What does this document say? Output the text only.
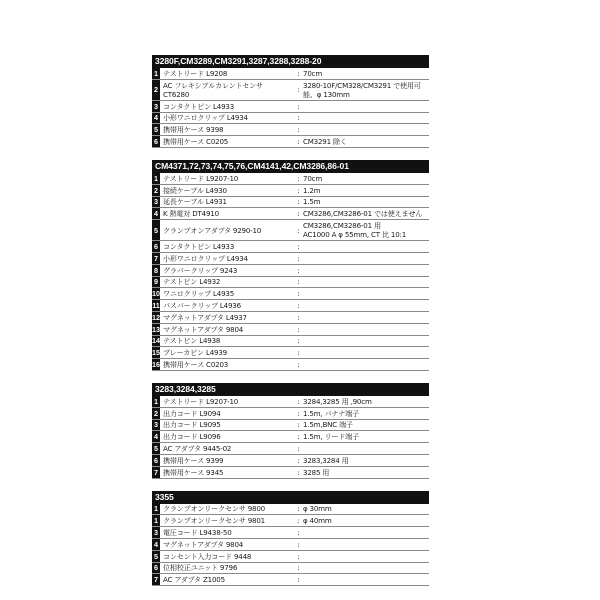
3280F,CM3289,CM3291,3287,3288,3288-20
1 テストリード L9208	: 70cm
2 AC フレキシブルカレントセンサ
CT6280	: 3280-10F/CM328/CM3291 で使用可
能、φ 130mm
3 コンタクトピン L4933	:
4 小形ワニロクリップ L4934	:
5 携帯用ケース 9398	:
6 携帯用ケース C0205	: CM3291 除く
CM4371,72,73,74,75,76,CM4141,42,CM3286,86-01
1 テストリード L9207-10	: 70cm
2 接続ケーブル L4930	: 1.2m
3 延長ケーブル L4931	: 1.5m
4 K 熱電対 DT4910	: CM3286,CM3286-01 では使えません
5 クランプオンアダプタ 9290-10	: CM3286,CM3286-01 用
AC1000 A φ 55mm, CT 比 10:1
6 コンタクトピン L4933	:
7 小形ワニロクリップ L4934	:
8 グラバークリップ 9243	:
9 テストピン L4932	:
10 ワニロクリップ L4935	:
11 バスバークリップ L4936	:
12 マグネットアダプタ L4937	:
13 マグネットアダプタ 9804	:
14 テストピン L4938	:
15 ブレーカピン L4939	:
16 携帯用ケース C0203	:
3283,3284,3285
1 テストリード L9207-10	: 3284,3285 用 ,90cm
2 出力コード L9094	: 1.5m, バナナ端子
3 出力コード L9095	: 1.5m,BNC 端子
4 出力コード L9096	: 1.5m, リード端子
5 AC アダプタ 9445-02	:
6 携帯用ケース 9399	: 3283,3284 用
7 携帯用ケース 9345	: 3285 用
3355
1 クランプオンリークセンサ 9800	: φ 30mm
1 クランプオンリークセンサ 9801	: φ 40mm
3 電圧コード L9438-50	:
4 マグネットアダプタ 9804	:
5 コンセント入力コード 9448	:
6 位相校正ユニット 9796	:
7 AC アダプタ Z1005	:
